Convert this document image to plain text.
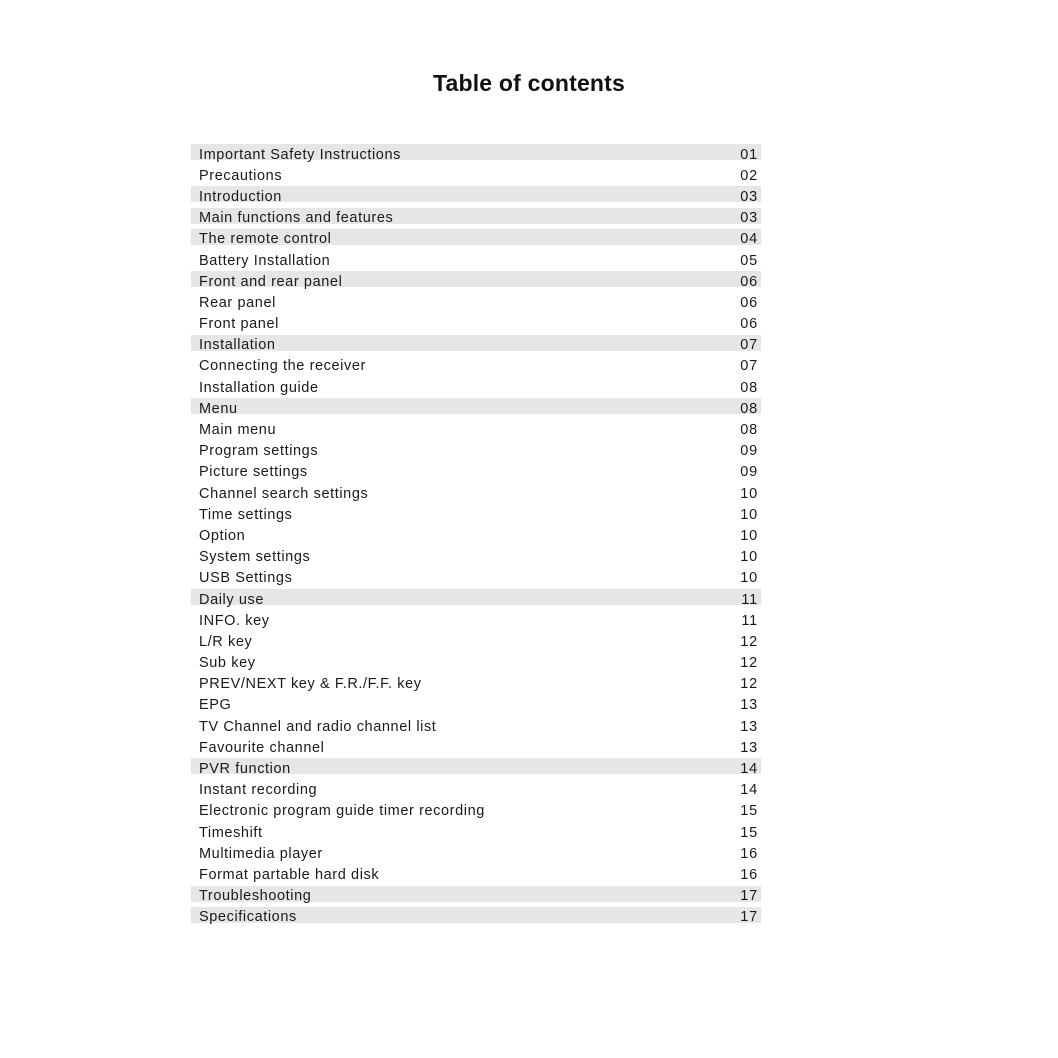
Table of contents
Important Safety Instructions	01
Precautions	02
Introduction	03
Main functions and features	03
The remote control	04
Battery Installation	05
Front and rear panel	06
Rear panel	06
Front panel	06
Installation	07
Connecting the receiver	07
Installation guide	08
Menu	08
Main menu	08
Program settings	09
Picture settings	09
Channel search settings	10
Time settings	10
Option	10
System settings	10
USB Settings	10
Daily use	11
INFO. key	11
L/R key	12
Sub key	12
PREV/NEXT key & F.R./F.F. key	12
EPG	13
TV Channel and radio channel list	13
Favourite channel	13
PVR function	14
Instant recording	14
Electronic program guide timer recording	15
Timeshift	15
Multimedia player	16
Format partable hard disk	16
Troubleshooting	17
Specifications	17
